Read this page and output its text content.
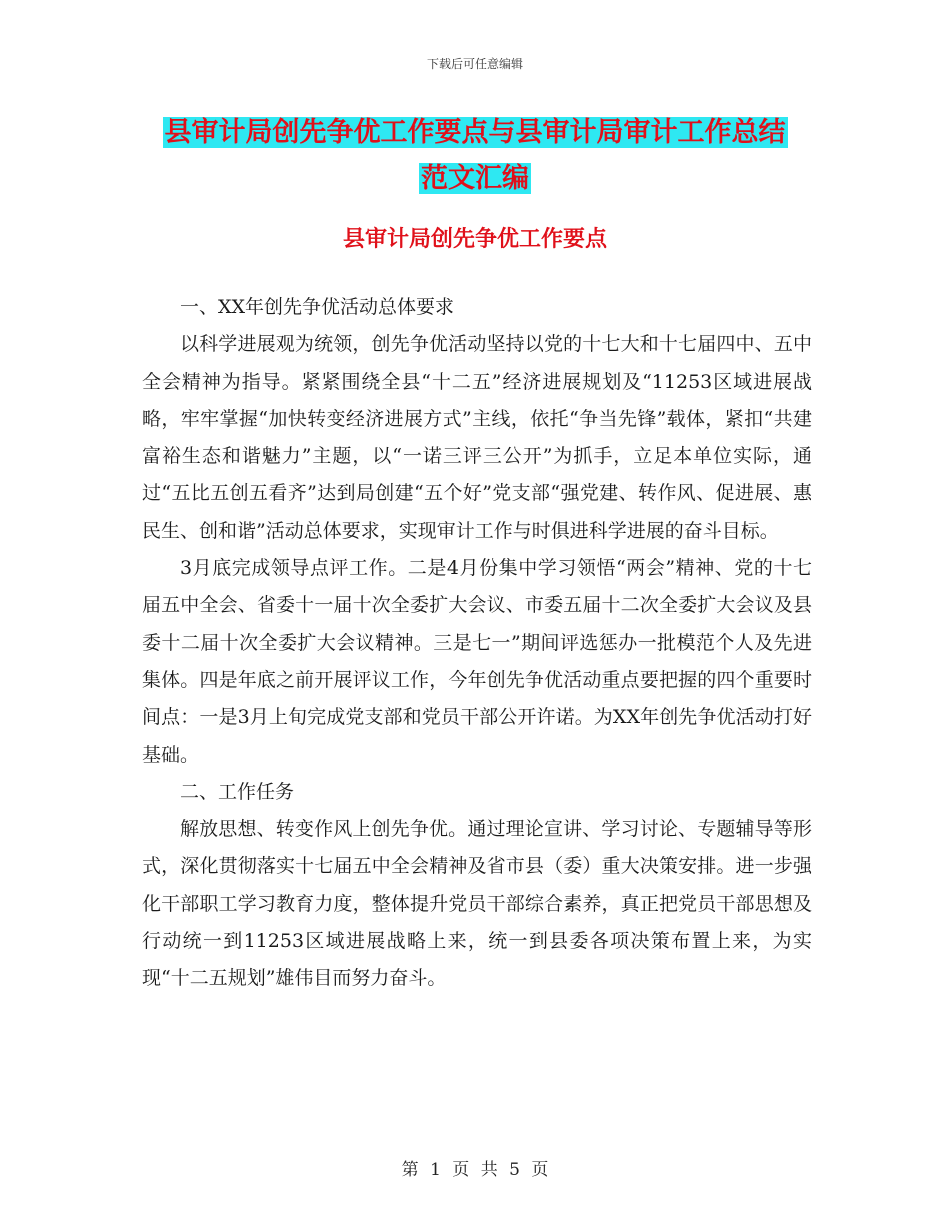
下载后可任意编辑
县审计局创先争优工作要点与县审计局审计工作总结
范文汇编
县审计局创先争优工作要点

一、XX年创先争优活动总体要求

以科学进展观为统领，创先争优活动坚持以党的十七大和十七届四中、五中全会精神为指导。紧紧围绕全县“十二五”经济进展规划及“11253区域进展战略，牢牢掌握“加快转变经济进展方式”主线，依托“争当先锋”载体，紧扣“共建富裕生态和谐魅力”主题，以“一诺三评三公开”为抓手，立足本单位实际，通过“五比五创五看齐”达到局创建“五个好”党支部“强党建、转作风、促进展、惠民生、创和谐”活动总体要求，实现审计工作与时俱进科学进展的奋斗目标。

3月底完成领导点评工作。二是4月份集中学习领悟“两会”精神、党的十七届五中全会、省委十一届十次全委扩大会议、市委五届十二次全委扩大会议及县委十二届十次全委扩大会议精神。三是七一”期间评选惩办一批模范个人及先进集体。四是年底之前开展评议工作，今年创先争优活动重点要把握的四个重要时间点：一是3月上旬完成党支部和党员干部公开许诺。为XX年创先争优活动打好基础。

二、工作任务

解放思想、转变作风上创先争优。通过理论宣讲、学习讨论、专题辅导等形式，深化贯彻落实十七届五中全会精神及省市县（委）重大决策安排。进一步强化干部职工学习教育力度，整体提升党员干部综合素养，真正把党员干部思想及行动统一到11253区域进展战略上来，统一到县委各项决策布置上来，为实现“十二五规划”雄伟目而努力奋斗。

第 1 页 共 5 页
